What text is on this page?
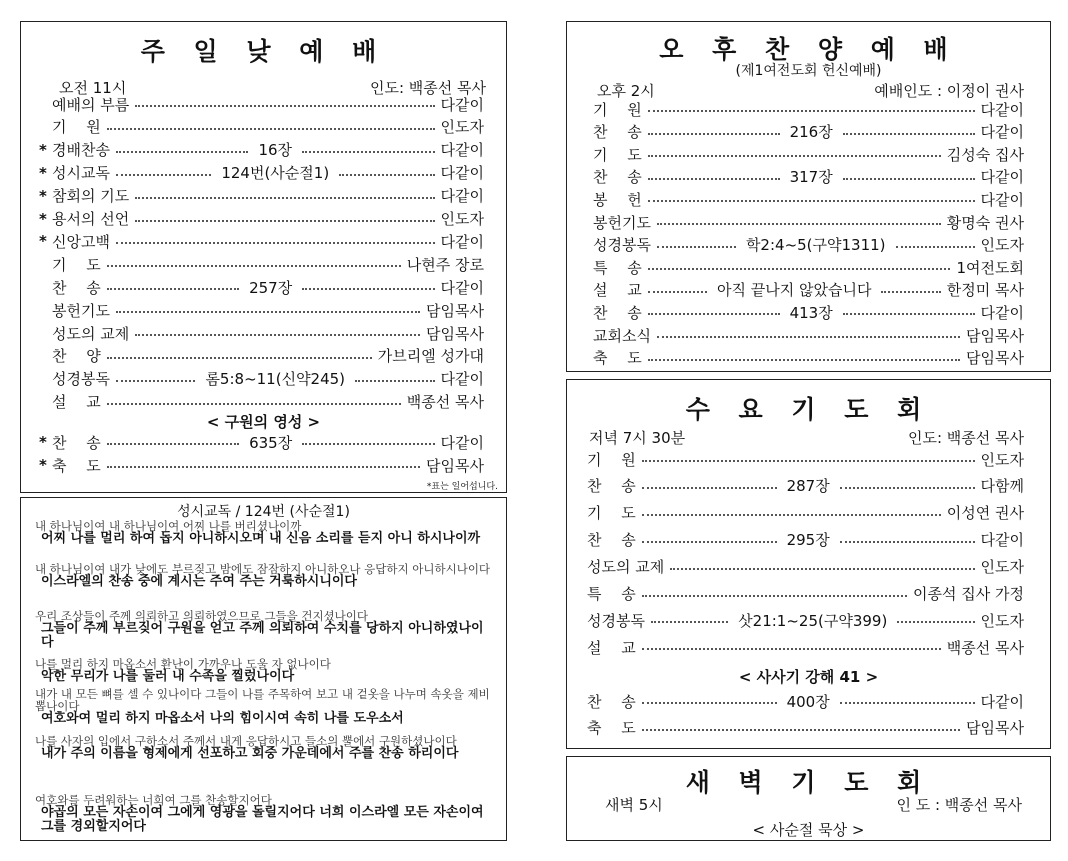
주 일 낮 예 배
오전 11시	인도: 백종선 목사
예배의 부름	다같이
기　 원	인도자
* 경배찬송	16장	다같이
* 성시교독	124번(사순절1)	다같이
* 참회의 기도	다같이
* 용서의 선언	인도자
* 신앙고백	다같이
기　 도	나현주 장로
찬　 송	257장	다같이
봉헌기도	담임목사
성도의 교제	담임목사
찬　 양	가브리엘 성가대
성경봉독	롬5:8~11(신약245)	다같이
설　 교	백종선 목사
< 구원의 영성 >
* 찬　 송	635장	다같이
* 축　 도	담임목사
*표는 일어섭니다.
성시교독 / 124번 (사순절1)
내 하나님이여 내 하나님이여 어찌 나를 버리셨나이까
어찌 나를 멀리 하여 돕지 아니하시오며 내 신음 소리를 듣지 아니 하시나이까
내 하나님이여 내가 낮에도 부르짖고 밤에도 잠잠하지 아니하오나 응답하지 아니하시나이다
이스라엘의 찬송 중에 계시는 주여 주는 거룩하시니이다
우리 조상들이 주께 의뢰하고 의뢰하였으므로 그들을 건지셨나이다
그들이 주께 부르짖어 구원을 얻고 주께 의뢰하여 수치를 당하지 아니하였나이다
나를 멀리 하지 마옵소서 환난이 가까우나 도울 자 없나이다
악한 무리가 나를 둘러 내 수족을 찔렀나이다
내가 내 모든 뼈를 셀 수 있나이다 그들이 나를 주목하여 보고 내 겉옷을 나누며 속옷을 제비 뽑나이다
여호와여 멀리 하지 마옵소서 나의 힘이시여 속히 나를 도우소서
나를 사자의 입에서 구하소서 주께서 내게 응답하시고 들소의 뿔에서 구원하셨나이다
내가 주의 이름을 형제에게 선포하고 회중 가운데에서 주를 찬송 하리이다
여호와를 두려워하는 너희여 그를 찬송할지어다
야곱의 모든 자손이여 그에게 영광을 돌릴지어다 너희 이스라엘 모든 자손이여 그를 경외할지어다
오 후 찬 양 예 배
(제1여전도회 헌신예배)
오후 2시	예배인도 : 이정이 권사
기　 원	다같이
찬　 송	216장	다같이
기　 도	김성숙 집사
찬　 송	317장	다같이
봉　 헌	다같이
봉헌기도	황명숙 권사
성경봉독	학2:4~5(구약1311)	인도자
특　 송	1여전도회
설　 교	아직 끝나지 않았습니다	한정미 목사
찬　 송	413장	다같이
교회소식	담임목사
축　 도	담임목사
수 요 기 도 회
저녁 7시 30분	인도: 백종선 목사
기　 원	인도자
찬　 송	287장	다함께
기　 도	이성연 권사
찬　 송	295장	다같이
성도의 교제	인도자
특　 송	이종석 집사 가정
성경봉독	삿21:1~25(구약399)	인도자
설　 교	백종선 목사
< 사사기 강해 41 >
찬　 송	400장	다같이
축　 도	담임목사
새 벽 기 도 회
새벽 5시	인 도 : 백종선 목사
< 사순절 묵상 >
